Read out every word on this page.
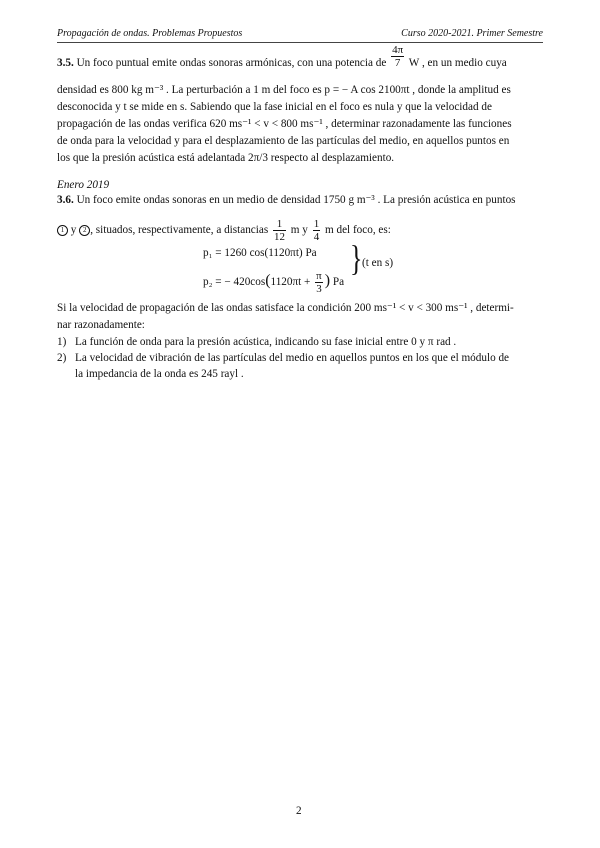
Propagación de ondas. Problemas Propuestos	Curso 2020-2021. Primer Semestre
3.5. Un foco puntual emite ondas sonoras armónicas, con una potencia de $\frac{4\pi}{7}$ W , en un medio cuya
densidad es 800 kg m⁻³ . La perturbación a 1 m del foco es p = − A cos 2100πt , donde la amplitud es
desconocida y t se mide en s. Sabiendo que la fase inicial en el foco es nula y que la velocidad de
propagación de las ondas verifica 620 ms⁻¹ < v < 800 ms⁻¹ , determinar razonadamente las funciones
de onda para la velocidad y para el desplazamiento de las partículas del medio, en aquellos puntos en
los que la presión acústica está adelantada 2π/3 respecto al desplazamiento.
Enero 2019
3.6. Un foco emite ondas sonoras en un medio de densidad 1750 g m⁻³ . La presión acústica en puntos
1 y 2 , situados, respectivamente, a distancias $\frac{1}{12}$ m y $\frac{1}{4}$ m del foco, es:
p₁ = 1260 cos(1120πt) Pa
p₂ = − $420\cos(1120\pi t + \frac{\pi}{3}$ ) Pa
} (t en s)
Si la velocidad de propagación de las ondas satisface la condición 200 ms⁻¹ < v < 300 ms⁻¹ , determi-
nar razonadamente:
1) La función de onda para la presión acústica, indicando su fase inicial entre 0 y π rad .
2) La velocidad de vibración de las partículas del medio en aquellos puntos en los que el módulo de
la impedancia de la onda es 245 rayl .
2
